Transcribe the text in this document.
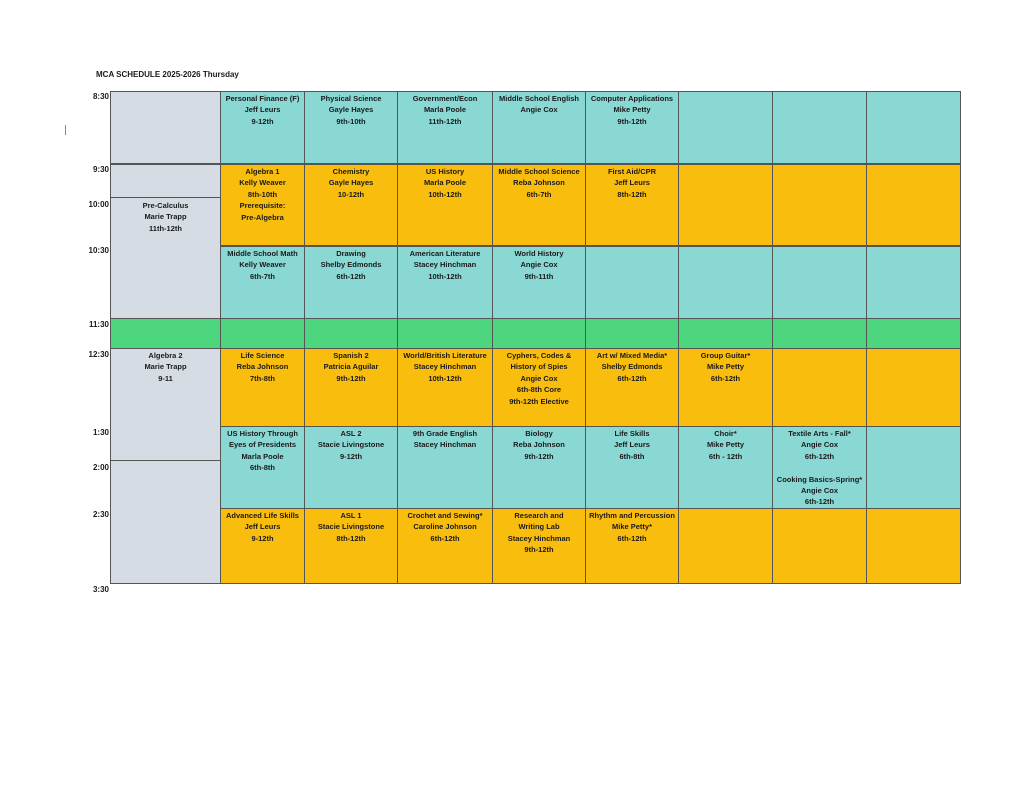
MCA SCHEDULE 2025-2026 Thursday
8:30
9:30
10:00
10:30
11:30
12:30
1:30
2:00
2:30
3:30
Pre-Calculus
Marie Trapp
11th-12th
Algebra 2
Marie Trapp
9-11
Personal Finance (F)
Jeff Leurs
9-12th
Physical Science
Gayle Hayes
9th-10th
Government/Econ
Marla Poole
11th-12th
Middle School English
Angie Cox
Computer Applications
Mike Petty
9th-12th
Algebra 1
Kelly Weaver
8th-10th
Prerequisite:
Pre-Algebra
Chemistry
Gayle Hayes
10-12th
US History
Marla Poole
10th-12th
Middle School Science
Reba Johnson
6th-7th
First Aid/CPR
Jeff Leurs
8th-12th
Middle School Math
Kelly Weaver
6th-7th
Drawing
Shelby Edmonds
6th-12th
American Literature
Stacey Hinchman
10th-12th
World History
Angie Cox
9th-11th
Life Science
Reba Johnson
7th-8th
Spanish 2
Patricia Aguilar
9th-12th
World/British Literature
Stacey Hinchman
10th-12th
Cyphers, Codes &
History of Spies
Angie Cox
6th-8th Core
9th-12th Elective
Art w/ Mixed Media*
Shelby Edmonds
6th-12th
Group Guitar*
Mike Petty
6th-12th
US History Through
Eyes of Presidents
Marla Poole
6th-8th
ASL 2
Stacie Livingstone
9-12th
9th Grade English
Stacey Hinchman
Biology
Reba Johnson
9th-12th
Life Skills
Jeff Leurs
6th-8th
Choir*
Mike Petty
6th - 12th
Textile Arts - Fall*
Angie Cox
6th-12th

Cooking Basics-Spring*
Angie Cox
6th-12th
Advanced Life Skills
Jeff Leurs
9-12th
ASL 1
Stacie Livingstone
8th-12th
Crochet and Sewing*
Caroline Johnson
6th-12th
Research and
Writing Lab
Stacey Hinchman
9th-12th
Rhythm and Percussion
Mike Petty*
6th-12th
